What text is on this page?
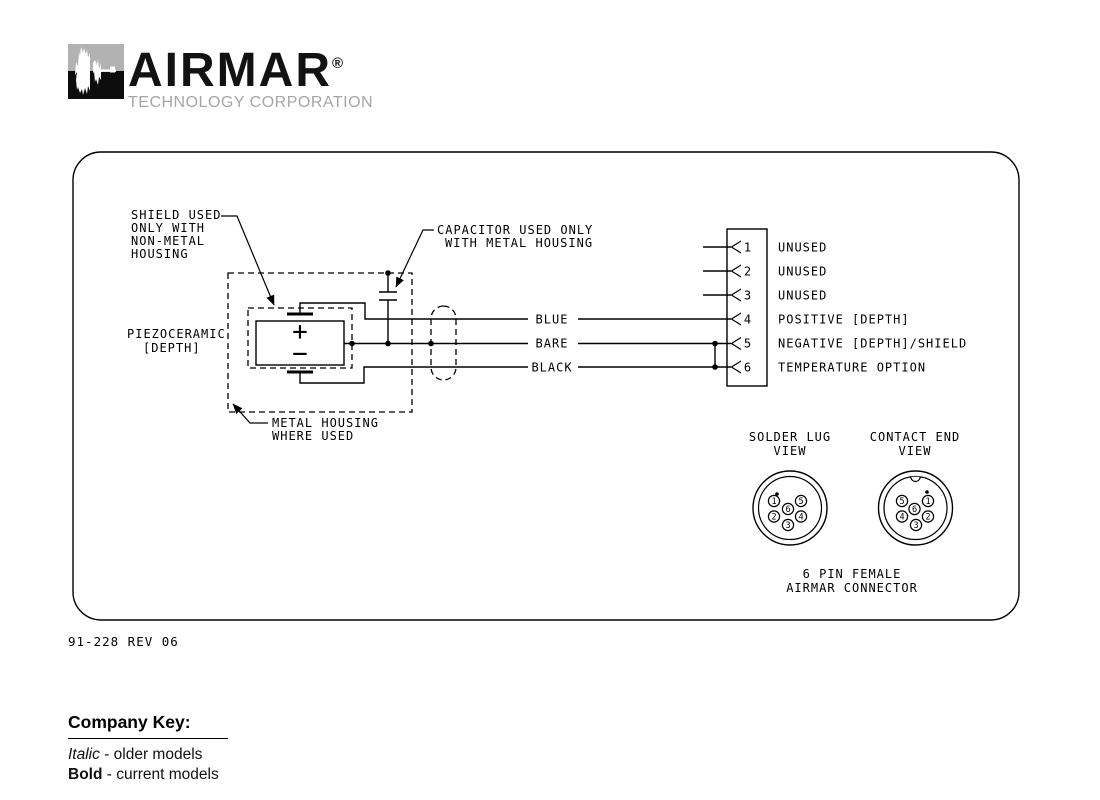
AIRMAR®
TECHNOLOGY CORPORATION
+
−
BLUE
BARE
BLACK
SHIELD USED
ONLY WITH
NON-METAL
HOUSING
CAPACITOR USED ONLY
WITH METAL HOUSING
PIEZOCERAMIC
[DEPTH]
METAL HOUSING
WHERE USED
1 UNUSED
2 UNUSED
3 UNUSED
4 POSITIVE [DEPTH]
5 NEGATIVE [DEPTH]/SHIELD
6 TEMPERATURE OPTION
SOLDER LUG
VIEW
1	5
6
2	4
3
CONTACT END
VIEW
5 1
6
4 2
3
6 PIN FEMALE
AIRMAR CONNECTOR
91-228 REV 06
Company Key:
Italic - older models
Bold - current models
